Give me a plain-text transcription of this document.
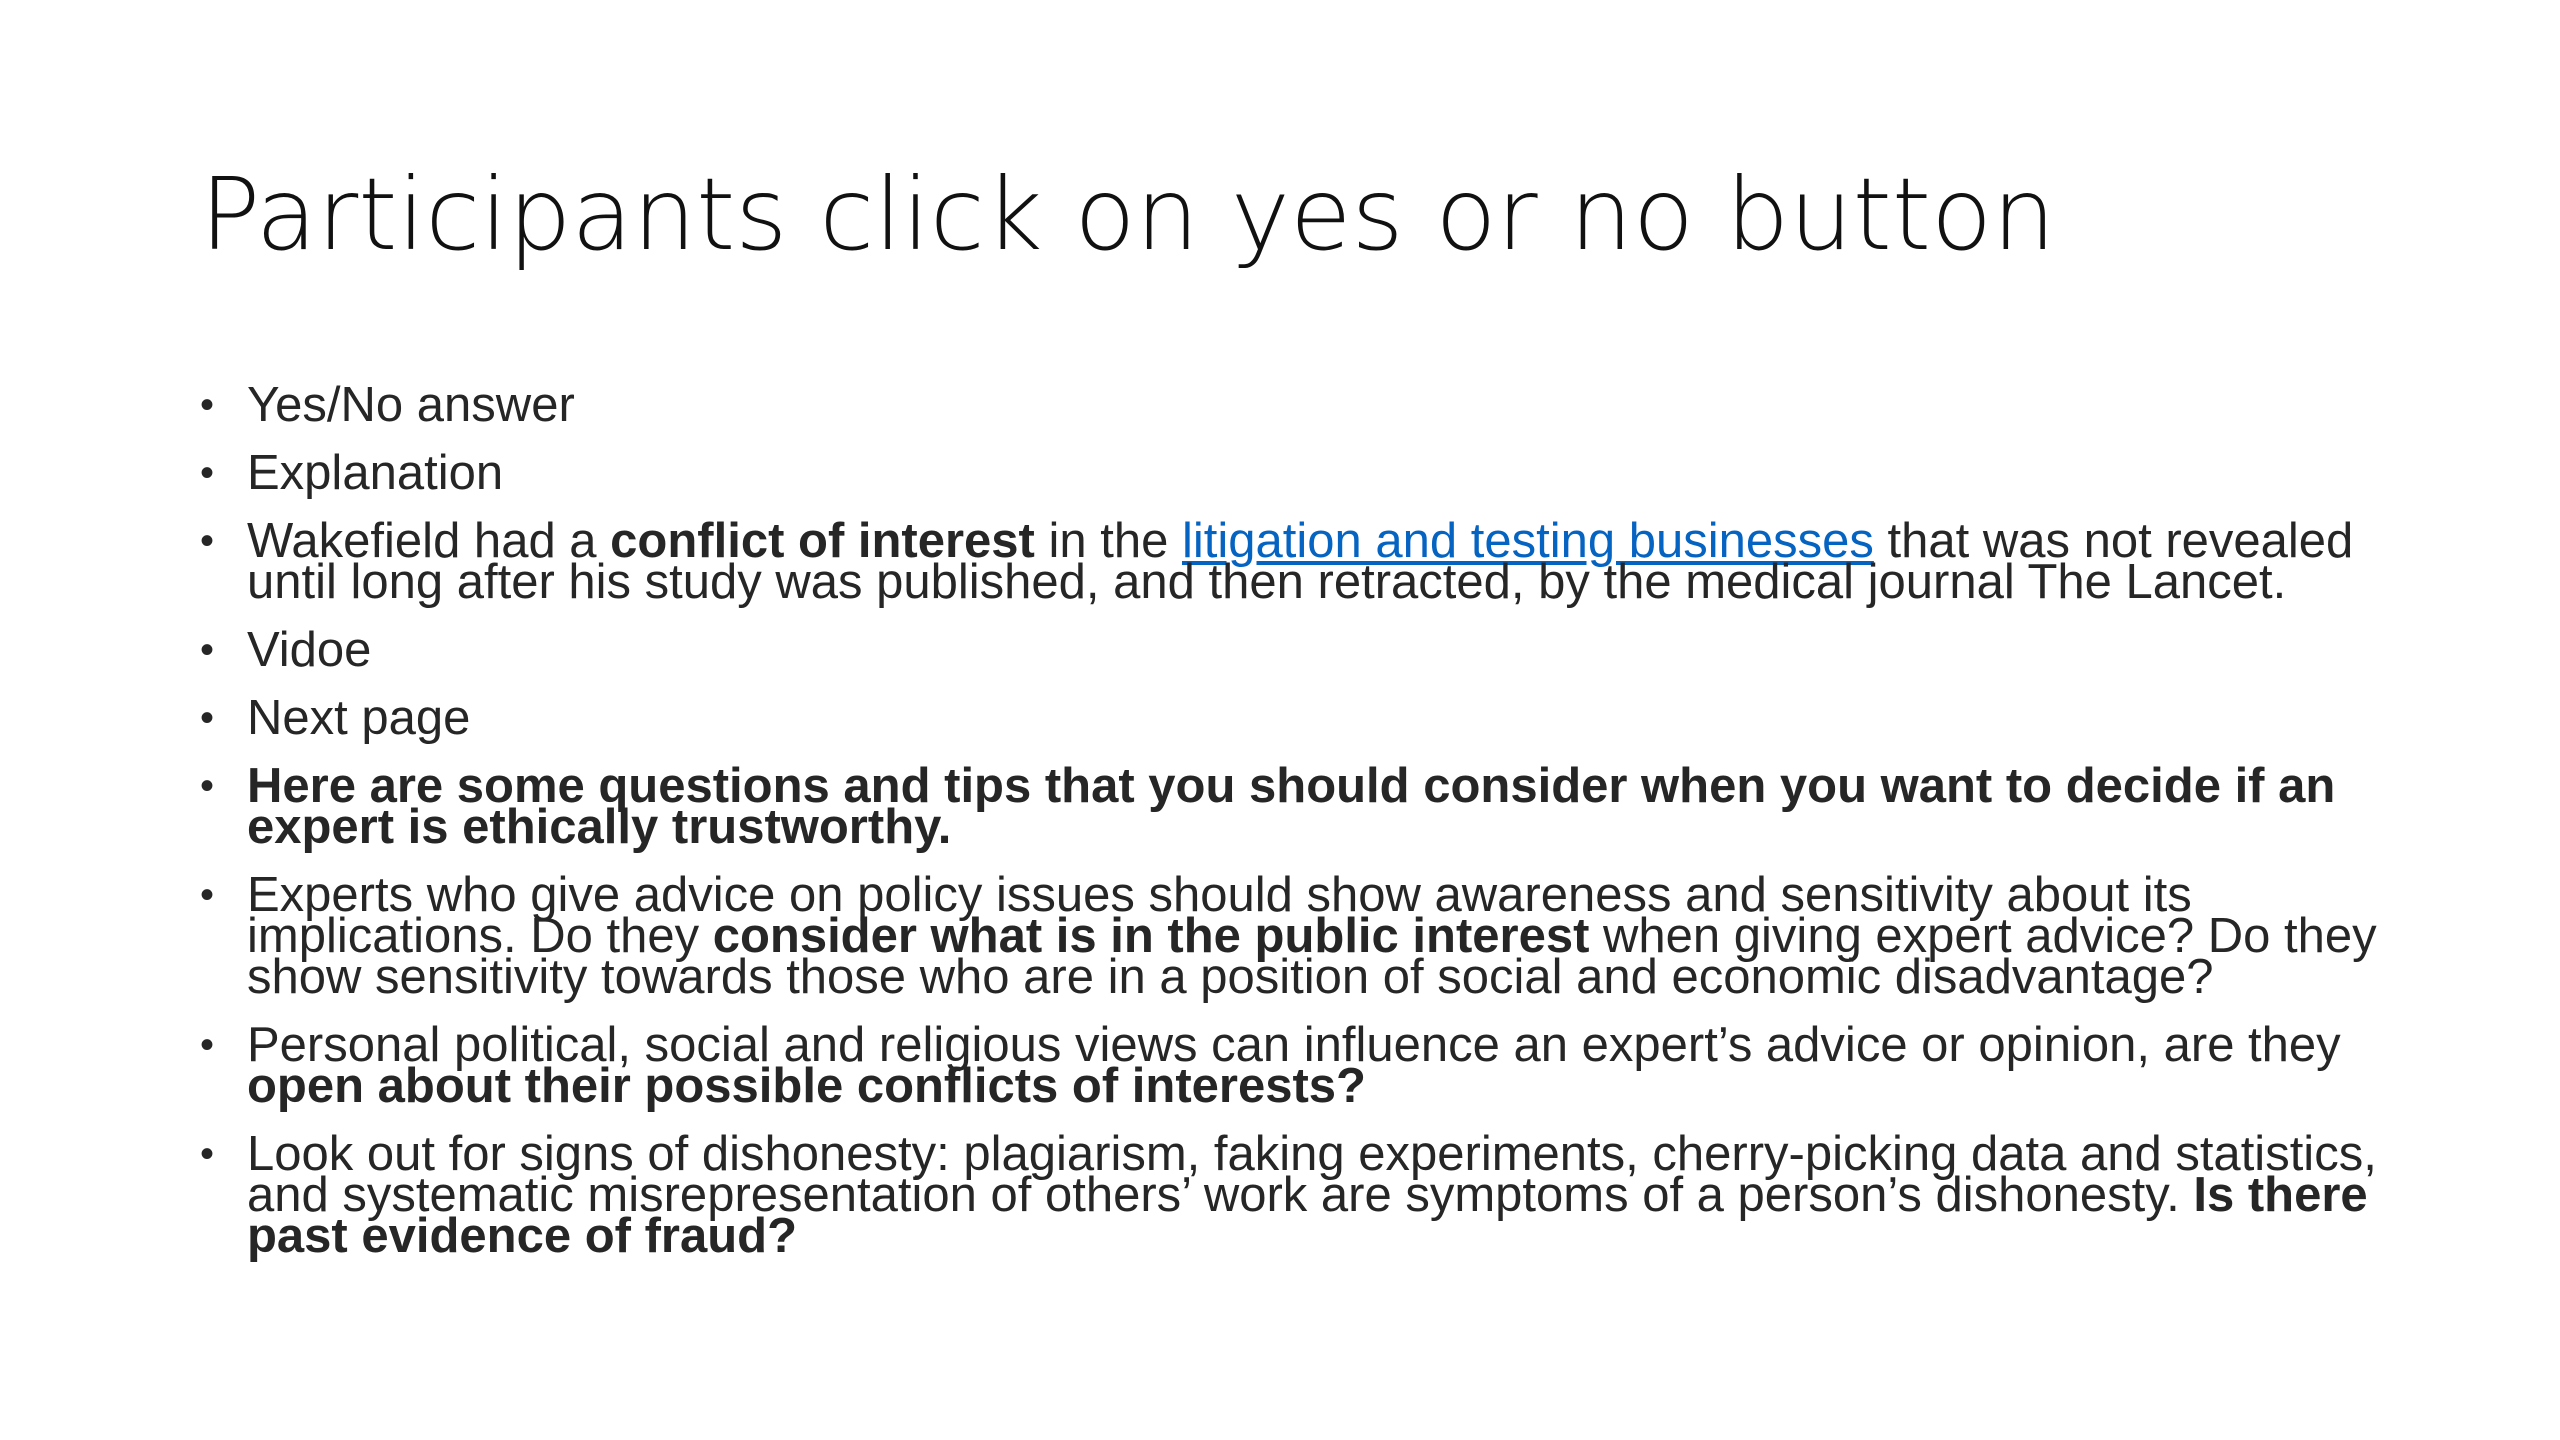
Participants click on yes or no button
• Yes/No answer
• Explanation
• Wakefield had a conflict of interest in the litigation and testing businesses that was not revealed until long after his study was published, and then retracted, by the medical journal The Lancet.
• Vidoe
• Next page
• Here are some questions and tips that you should consider when you want to decide if an expert is ethically trustworthy.
• Experts who give advice on policy issues should show awareness and sensitivity about its implications. Do they consider what is in the public interest when giving expert advice? Do they show sensitivity towards those who are in a position of social and economic disadvantage?
• Personal political, social and religious views can influence an expert’s advice or opinion, are they open about their possible conflicts of interests?
• Look out for signs of dishonesty: plagiarism, faking experiments, cherry-picking data and statistics, and systematic misrepresentation of others’ work are symptoms of a person’s dishonesty. Is there past evidence of fraud?
